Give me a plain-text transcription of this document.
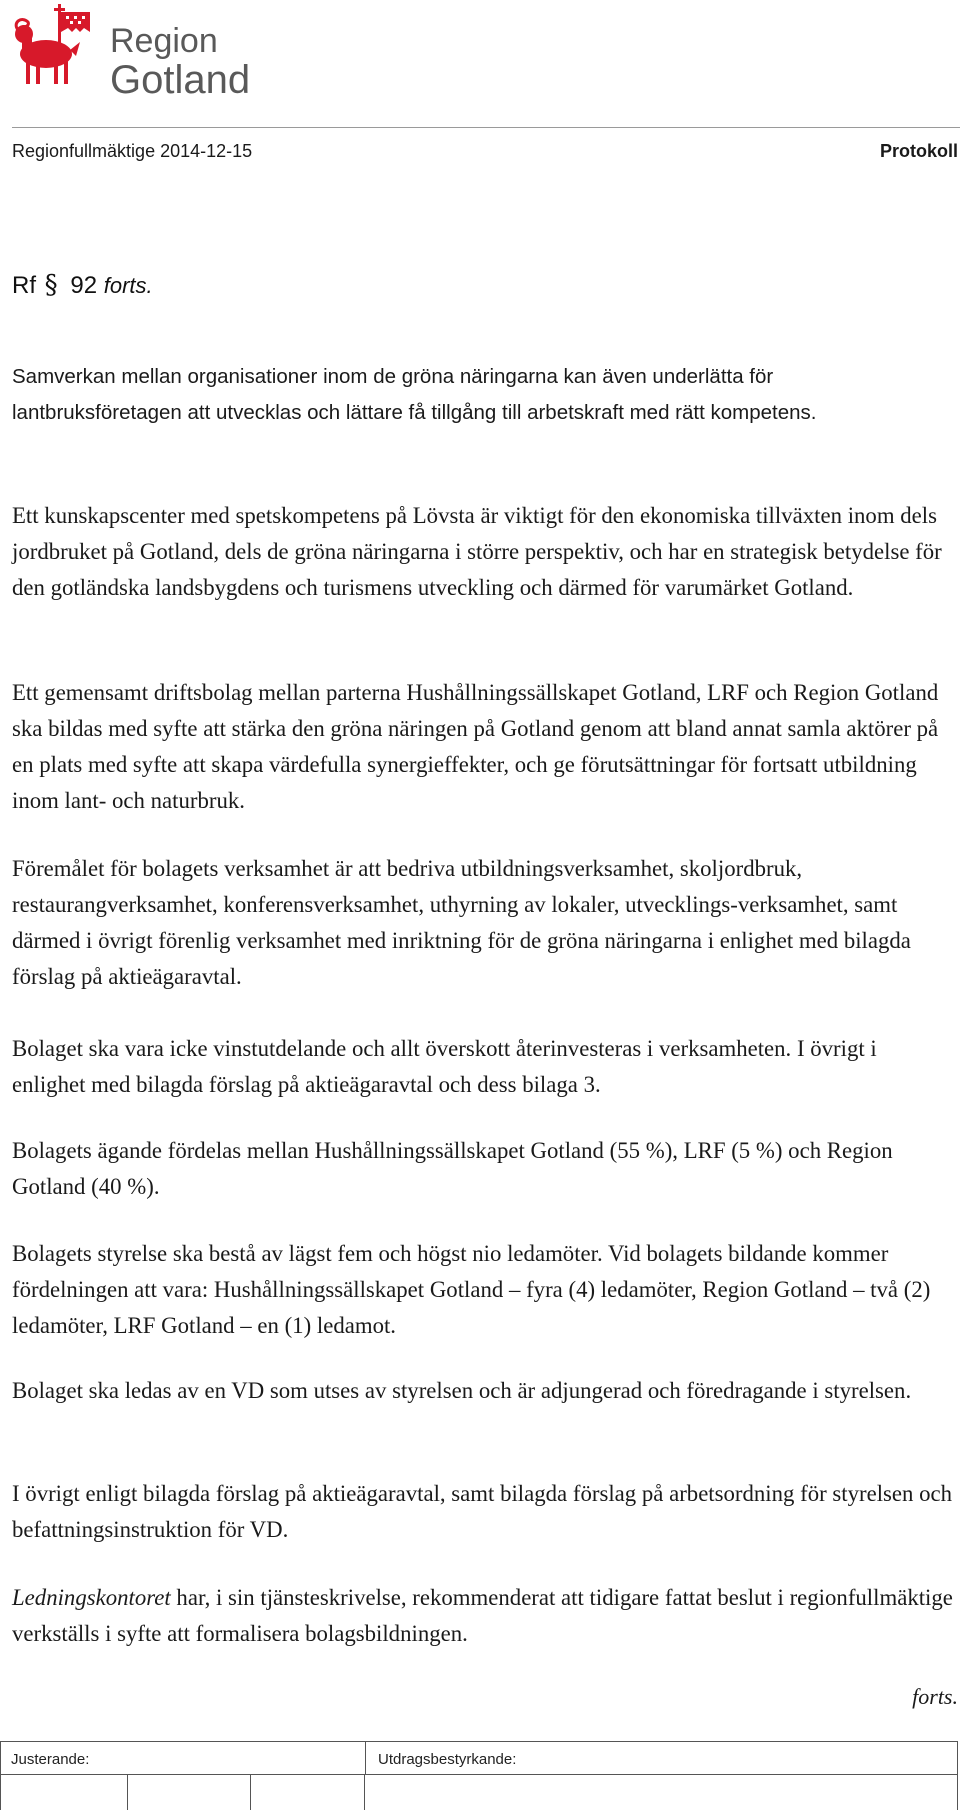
Region
Gotland
Regionfullmäktige 2014-12-15	Protokoll
Rf § 92 forts.

Samverkan mellan organisationer inom de gröna näringarna kan även underlätta för lantbruksföretagen att utvecklas och lättare få tillgång till arbetskraft med rätt kompetens.

Ett kunskapscenter med spetskompetens på Lövsta är viktigt för den ekonomiska tillväxten inom dels jordbruket på Gotland, dels de gröna näringarna i större perspektiv, och har en strategisk betydelse för den gotländska landsbygdens och turismens utveckling och därmed för varumärket Gotland.

Ett gemensamt driftsbolag mellan parterna Hushållningssällskapet Gotland, LRF och Region Gotland ska bildas med syfte att stärka den gröna näringen på Gotland genom att bland annat samla aktörer på en plats med syfte att skapa värdefulla synergieffekter, och ge förutsättningar för fortsatt utbildning inom lant- och naturbruk.

Föremålet för bolagets verksamhet är att bedriva utbildningsverksamhet, skoljordbruk, restaurangverksamhet, konferensverksamhet, uthyrning av lokaler, utvecklings-verksamhet, samt därmed i övrigt förenlig verksamhet med inriktning för de gröna näringarna i enlighet med bilagda förslag på aktieägaravtal.

Bolaget ska vara icke vinstutdelande och allt överskott återinvesteras i verksamheten. I övrigt i enlighet med bilagda förslag på aktieägaravtal och dess bilaga 3.

Bolagets ägande fördelas mellan Hushållningssällskapet Gotland (55 %), LRF (5 %) och Region Gotland (40 %).

Bolagets styrelse ska bestå av lägst fem och högst nio ledamöter. Vid bolagets bildande kommer fördelningen att vara: Hushållningssällskapet Gotland – fyra (4) ledamöter, Region Gotland – två (2) ledamöter, LRF Gotland – en (1) ledamot.

Bolaget ska ledas av en VD som utses av styrelsen och är adjungerad och föredragande i styrelsen.

I övrigt enligt bilagda förslag på aktieägaravtal, samt bilagda förslag på arbetsordning för styrelsen och befattningsinstruktion för VD.

Ledningskontoret har, i sin tjänsteskrivelse, rekommenderat att tidigare fattat beslut i regionfullmäktige verkställs i syfte att formalisera bolagsbildningen.

forts.
Justerande:	Utdragsbestyrkande:
